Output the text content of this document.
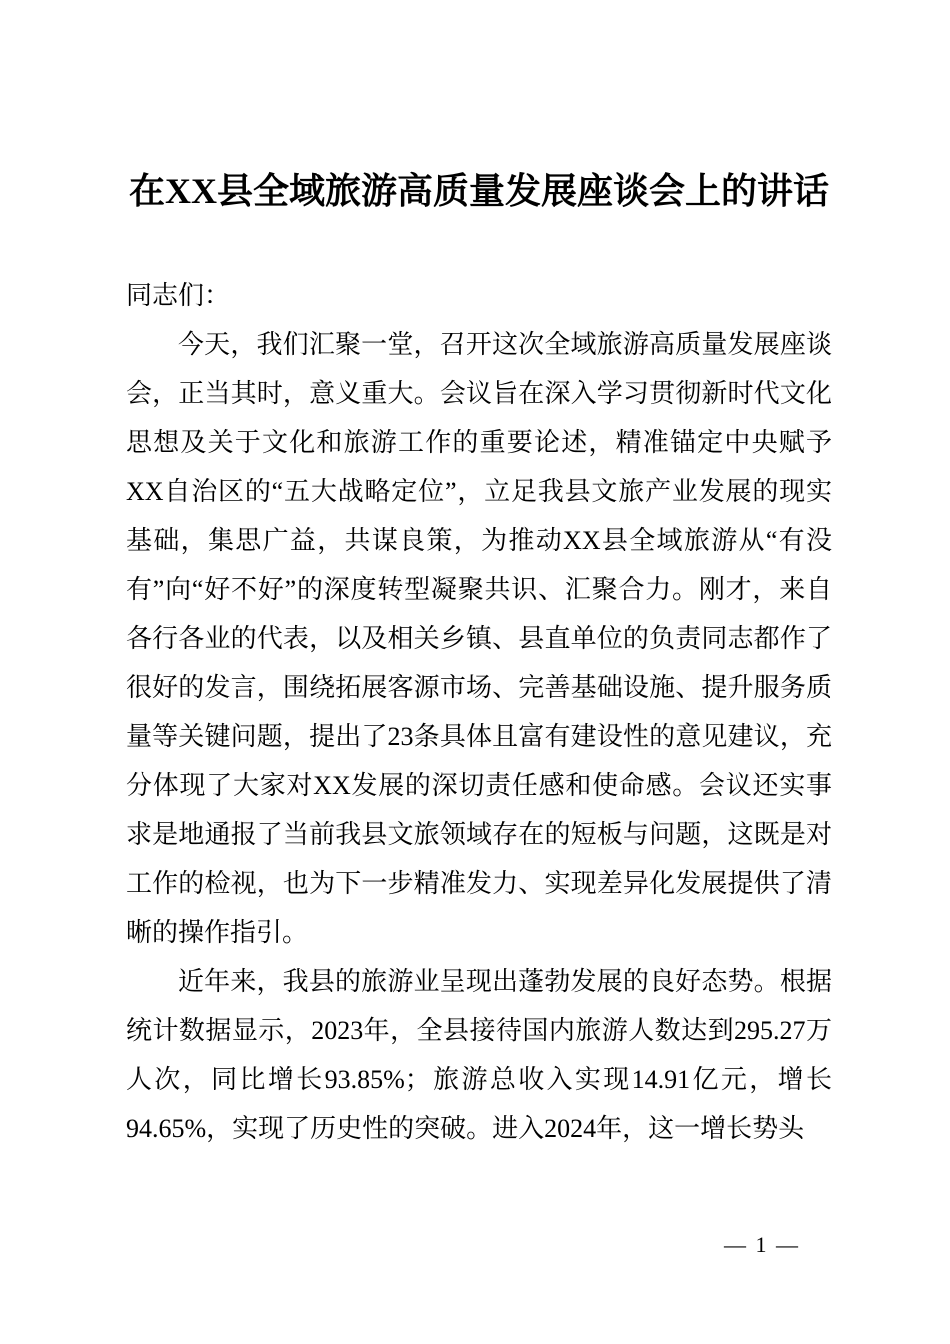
在XX县全域旅游高质量发展座谈会上的讲话

同志们：

今天，我们汇聚一堂，召开这次全域旅游高质量发展座谈会，正当其时，意义重大。会议旨在深入学习贯彻新时代文化思想及关于文化和旅游工作的重要论述，精准锚定中央赋予XX自治区的“五大战略定位”，立足我县文旅产业发展的现实基础，集思广益，共谋良策，为推动XX县全域旅游从“有没有”向“好不好”的深度转型凝聚共识、汇聚合力。刚才，来自各行各业的代表，以及相关乡镇、县直单位的负责同志都作了很好的发言，围绕拓展客源市场、完善基础设施、提升服务质量等关键问题，提出了23条具体且富有建设性的意见建议，充分体现了大家对XX发展的深切责任感和使命感。会议还实事求是地通报了当前我县文旅领域存在的短板与问题，这既是对工作的检视，也为下一步精准发力、实现差异化发展提供了清晰的操作指引。

近年来，我县的旅游业呈现出蓬勃发展的良好态势。根据统计数据显示，2023年，全县接待国内旅游人数达到295.27万人次，同比增长93.85%；旅游总收入实现14.91亿元，增长94.65%，实现了历史性的突破。进入2024年，这一增长势头

— 1 —
